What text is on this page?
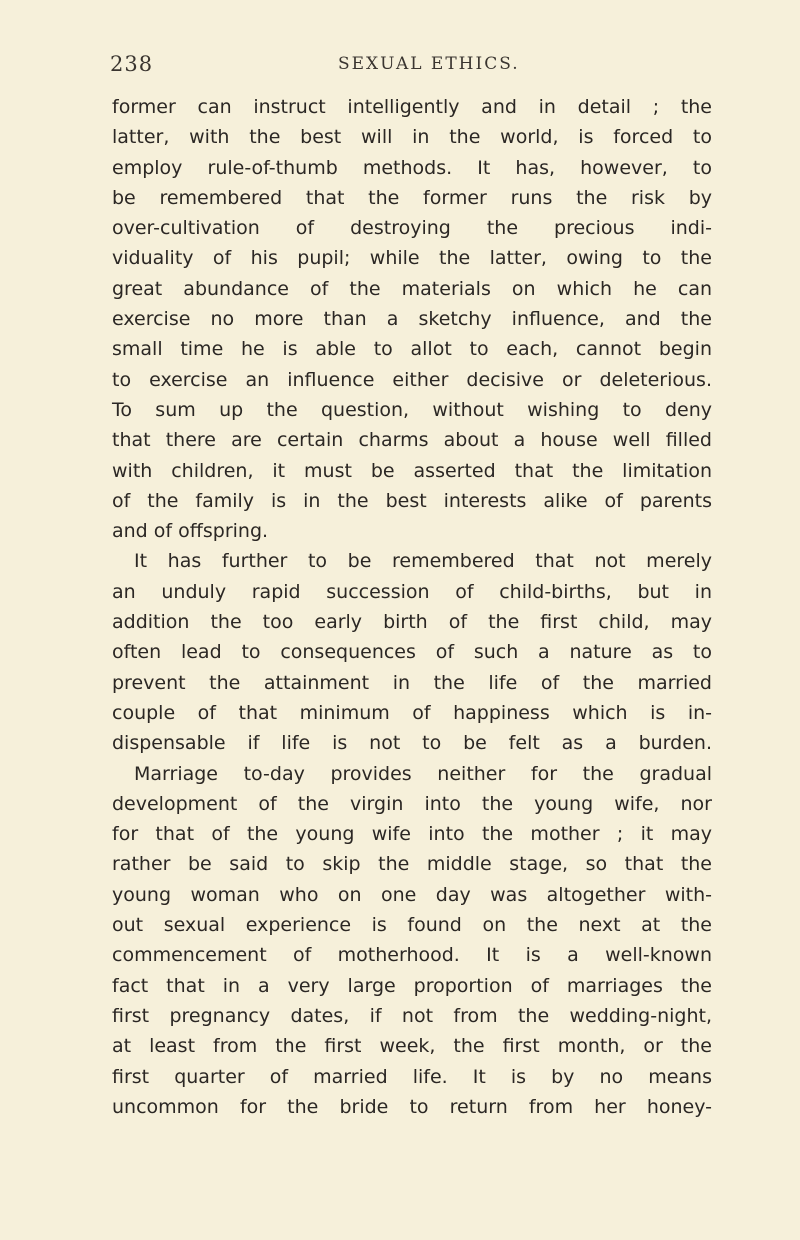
238	SEXUAL ETHICS.
former can instruct intelligently and in detail ; the
latter, with the best will in the world, is forced to
employ rule-of-thumb methods. It has, however, to
be remembered that the former runs the risk by
over-cultivation of destroying the precious indi-
viduality of his pupil; while the latter, owing to the
great abundance of the materials on which he can
exercise no more than a sketchy influence, and the
small time he is able to allot to each, cannot begin
to exercise an influence either decisive or deleterious.
To sum up the question, without wishing to deny
that there are certain charms about a house well filled
with children, it must be asserted that the limitation
of the family is in the best interests alike of parents
and of offspring.
It has further to be remembered that not merely
an unduly rapid succession of child-births, but in
addition the too early birth of the first child, may
often lead to consequences of such a nature as to
prevent the attainment in the life of the married
couple of that minimum of happiness which is in-
dispensable if life is not to be felt as a burden.
Marriage to-day provides neither for the gradual
development of the virgin into the young wife, nor
for that of the young wife into the mother ; it may
rather be said to skip the middle stage, so that the
young woman who on one day was altogether with-
out sexual experience is found on the next at the
commencement of motherhood. It is a well-known
fact that in a very large proportion of marriages the
first pregnancy dates, if not from the wedding-night,
at least from the first week, the first month, or the
first quarter of married life. It is by no means
uncommon for the bride to return from her honey-
